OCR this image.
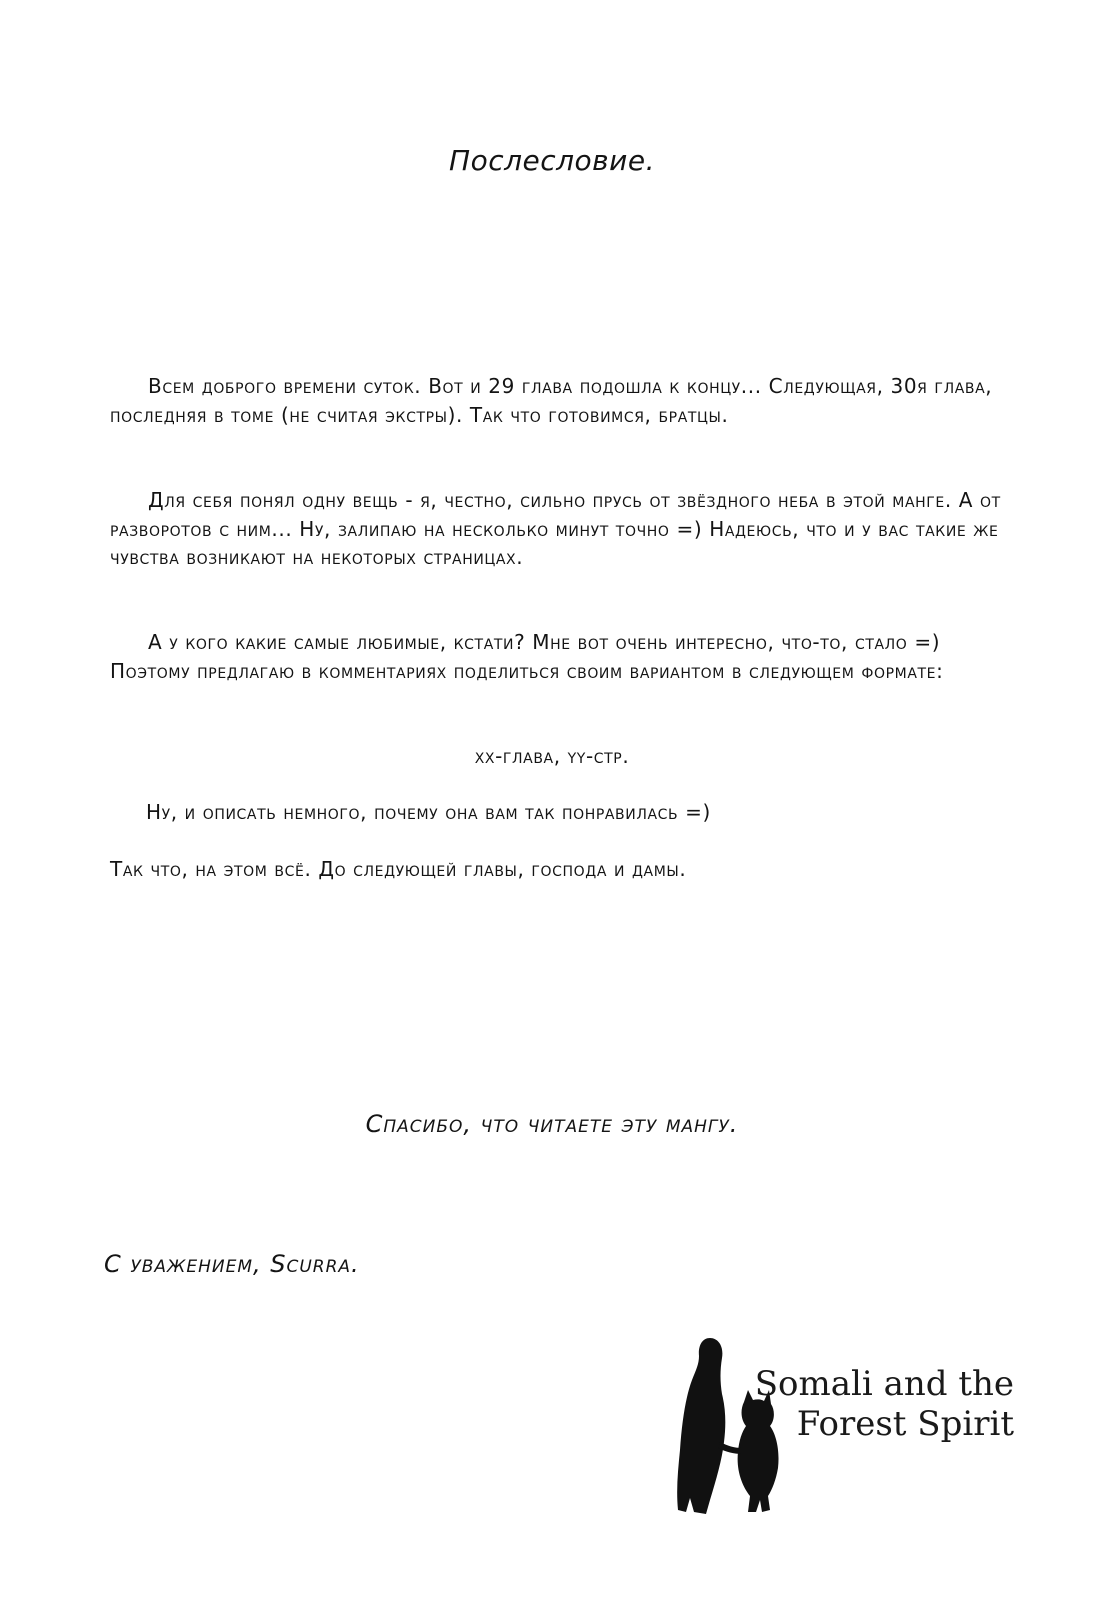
Послесловие.

Всем доброго времени суток. Вот и 29 глава подошла к концу... Следующая, 30я глава, последняя в томе (не считая экстры). Так что готовимся, братцы.

Для себя понял одну вещь - я, честно, сильно прусь от звёздного неба в этой манге. А от разворотов с ним... Ну, залипаю на несколько минут точно =) Надеюсь, что и у вас такие же чувства возникают на некоторых страницах.

А у кого какие самые любимые, кстати? Мне вот очень интересно, что-то, стало =) Поэтому предлагаю в комментариях поделиться своим вариантом в следующем формате:

xx-глава, yy-стр.

Ну, и описать немного, почему она вам так понравилась =)

Так что, на этом всё. До следующей главы, господа и дамы.

Спасибо, что читаете эту мангу.

С уважением, Scurra.

Somali and the
Forest Spirit
